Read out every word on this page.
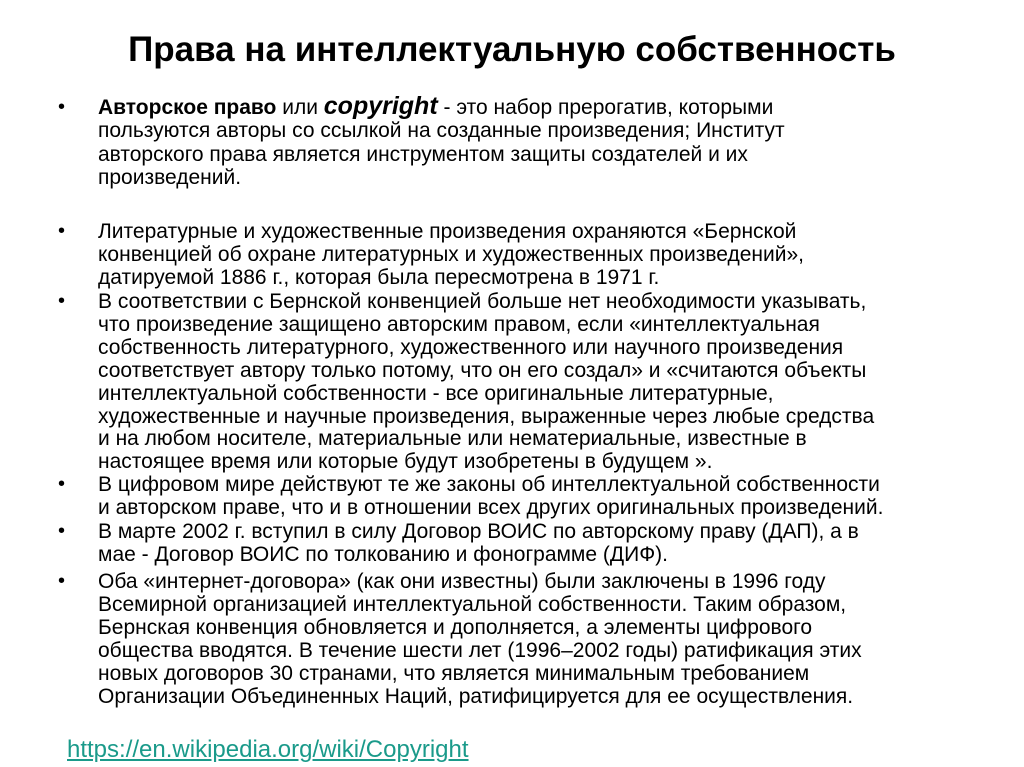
Права на интеллектуальную собственность
• Авторское право или copyright - это набор прерогатив, которыми
пользуются авторы со ссылкой на созданные произведения; Институт
авторского права является инструментом защиты создателей и их
произведений.
• Литературные и художественные произведения охраняются «Бернской
конвенцией об охране литературных и художественных произведений»,
датируемой 1886 г., которая была пересмотрена в 1971 г.
• В соответствии с Бернской конвенцией больше нет необходимости указывать,
что произведение защищено авторским правом, если «интеллектуальная
собственность литературного, художественного или научного произведения
соответствует автору только потому, что он его создал» и «считаются объекты
интеллектуальной собственности - все оригинальные литературные,
художественные и научные произведения, выраженные через любые средства
и на любом носителе, материальные или нематериальные, известные в
настоящее время или которые будут изобретены в будущем ».
• В цифровом мире действуют те же законы об интеллектуальной собственности
и авторском праве, что и в отношении всех других оригинальных произведений.
• В марте 2002 г. вступил в силу Договор ВОИС по авторскому праву (ДАП), а в
мае - Договор ВОИС по толкованию и фонограмме (ДИФ).
• Оба «интернет-договора» (как они известны) были заключены в 1996 году
Всемирной организацией интеллектуальной собственности. Таким образом,
Бернская конвенция обновляется и дополняется, а элементы цифрового
общества вводятся. В течение шести лет (1996–2002 годы) ратификация этих
новых договоров 30 странами, что является минимальным требованием
Организации Объединенных Наций, ратифицируется для ее осуществления.
https://en.wikipedia.org/wiki/Copyright
